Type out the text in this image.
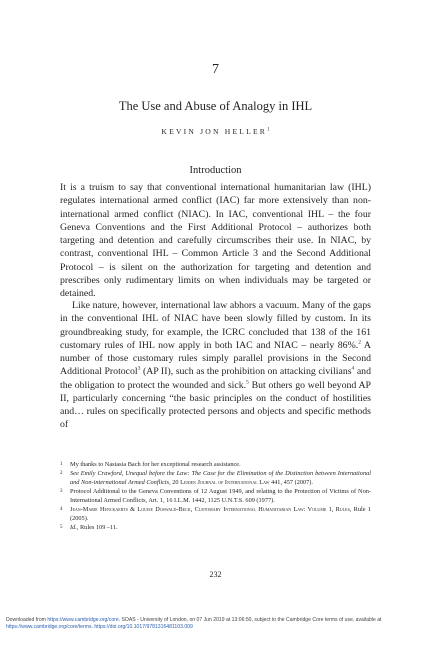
7
The Use and Abuse of Analogy in IHL
KEVIN JON HELLER$^1$
Introduction

It is a truism to say that conventional international humanitarian law (IHL) regulates international armed conflict (IAC) far more extensively than non-international armed conflict (NIAC). In IAC, conventional IHL – the four Geneva Conventions and the First Additional Protocol – authorizes both targeting and detention and carefully circumscribes their use. In NIAC, by contrast, conventional IHL – Common Article 3 and the Second Additional Protocol – is silent on the authorization for targeting and detention and prescribes only rudimentary limits on when individuals may be targeted or detained.

Like nature, however, international law abhors a vacuum. Many of the gaps in the conventional IHL of NIAC have been slowly filled by custom. In its groundbreaking study, for example, the ICRC concluded that 138 of the 161 customary rules of IHL now apply in both IAC and NIAC – nearly 86%.$^2$ A number of those customary rules simply parallel provisions in the Second Additional Protocol$^3$ (AP II), such as the prohibition on attacking civilians$^4$ and the obligation to protect the wounded and sick.$^5$ But others go well beyond AP II, particularly concerning “the basic principles on the conduct of hostilities and… rules on specifically protected persons and objects and specific methods of

1	My thanks to Nastasia Bach for her exceptional research assistance.
2	See Emily Crawford, Unequal before the Law: The Case for the Elimination of the Distinction between International and Non-international Armed Conflicts, 20 Leiden Journal of International Law 441, 457 (2007).
3	Protocol Additional to the Geneva Conventions of 12 August 1949, and relating to the Protection of Victims of Non-International Armed Conflicts, Art. 1, 16 I.L.M. 1442, 1125 U.N.T.S. 609 (1977).
4	Jean-Marie Henckaerts & Louise Doswald-Beck, Customary International Humanitarian Law: Volume 1, Rules, Rule 1 (2005).
5	Id., Rules 109 –11.
232
Downloaded from https://www.cambridge.org/core. SOAS - University of London, on 07 Jun 2019 at 13:06:50, subject to the Cambridge Core terms of use, available at https://www.cambridge.org/core/terms. https://doi.org/10.1017/9781316481103.009
